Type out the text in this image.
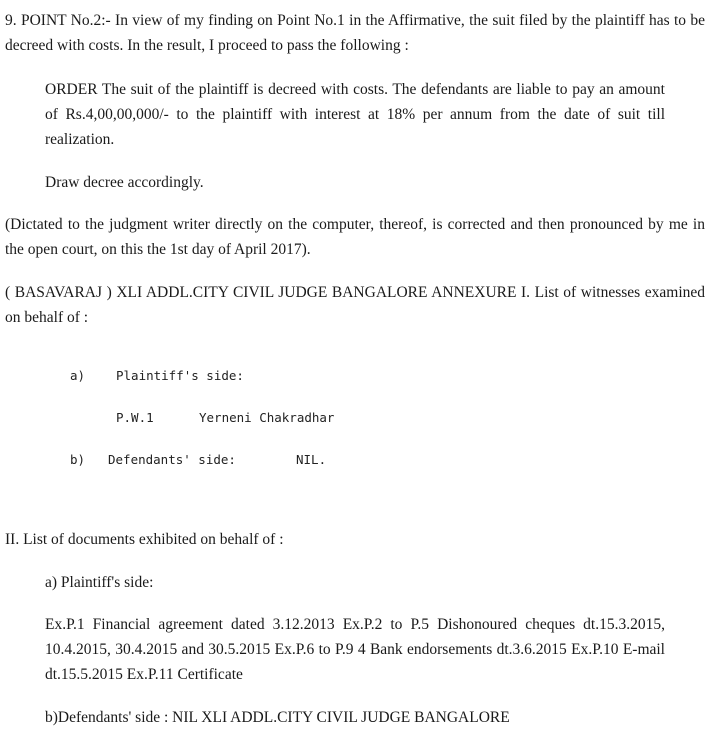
9. POINT No.2:- In view of my finding on Point No.1 in the Affirmative, the suit filed by the plaintiff has to be decreed with costs. In the result, I proceed to pass the following :

ORDER The suit of the plaintiff is decreed with costs. The defendants are liable to pay an amount of Rs.4,00,00,000/- to the plaintiff with interest at 18% per annum from the date of suit till realization.

Draw decree accordingly.

(Dictated to the judgment writer directly on the computer, thereof, is corrected and then pronounced by me in the open court, on this the 1st day of April 2017).

( BASAVARAJ ) XLI ADDL.CITY CIVIL JUDGE BANGALORE ANNEXURE I. List of witnesses examined on behalf of :

a) Plaintiff's side:
P.W.1	Yerneni Chakradhar
b) Defendants' side:	NIL.

II. List of documents exhibited on behalf of :

a) Plaintiff's side:

Ex.P.1 Financial agreement dated 3.12.2013 Ex.P.2 to P.5 Dishonoured cheques dt.15.3.2015, 10.4.2015, 30.4.2015 and 30.5.2015 Ex.P.6 to P.9 4 Bank endorsements dt.3.6.2015 Ex.P.10 E-mail dt.15.5.2015 Ex.P.11 Certificate

b)Defendants' side : NIL XLI ADDL.CITY CIVIL JUDGE BANGALORE
